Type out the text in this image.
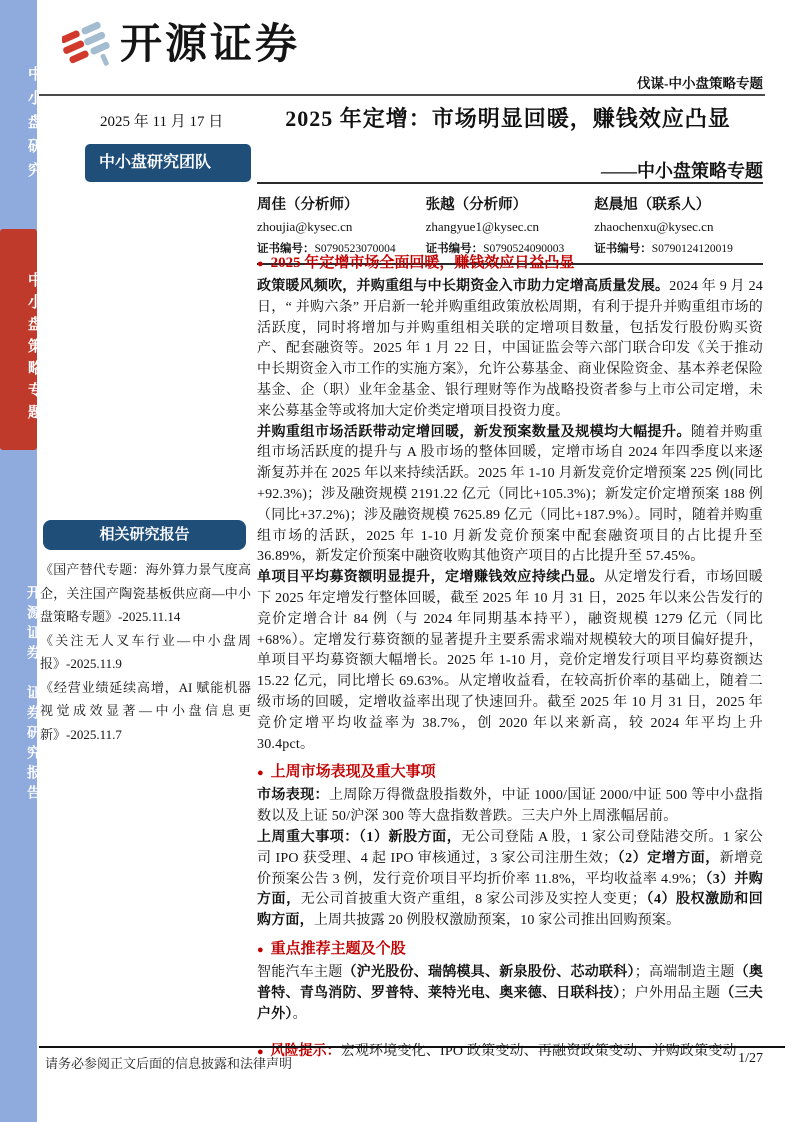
中小盘研究
中小盘策略专题
开源证券　证券研究报告
开源证券
伐谋-中小盘策略专题
2025 年 11 月 17 日	2025 年定增：市场明显回暖，赚钱效应凸显
中小盘研究团队	——中小盘策略专题
周佳（分析师）
zhoujia@kysec.cn
证书编号：S0790523070004
张越（分析师）
zhangyue1@kysec.cn
证书编号：S0790524090003
赵晨旭（联系人）
zhaochenxu@kysec.cn
证书编号：S0790124120019
相关研究报告
《国产替代专题：海外算力景气度高企，关注国产陶瓷基板供应商—中小盘策略专题》-2025.11.14
《关注无人叉车行业—中小盘周报》-2025.11.9
《经营业绩延续高增，AI 赋能机器视觉成效显著—中小盘信息更新》-2025.11.7
● 2025 年定增市场全面回暖，赚钱效应日益凸显
政策暖风频吹，并购重组与中长期资金入市助力定增高质量发展。2024 年 9 月 24 日，“ 并购六条” 开启新一轮并购重组政策放松周期，有利于提升并购重组市场的活跃度，同时将增加与并购重组相关联的定增项目数量，包括发行股份购买资产、配套融资等。2025 年 1 月 22 日，中国证监会等六部门联合印发《关于推动中长期资金入市工作的实施方案》，允许公募基金、商业保险资金、基本养老保险基金、企（职）业年金基金、银行理财等作为战略投资者参与上市公司定增，未来公募基金等或将加大定价类定增项目投资力度。
并购重组市场活跃带动定增回暖，新发预案数量及规模均大幅提升。随着并购重组市场活跃度的提升与 A 股市场的整体回暖，定增市场自 2024 年四季度以来逐渐复苏并在 2025 年以来持续活跃。2025 年 1-10 月新发竞价定增预案 225 例(同比+92.3%)；涉及融资规模 2191.22 亿元（同比+105.3%)；新发定价定增预案 188 例（同比+37.2%)；涉及融资规模 7625.89 亿元（同比+187.9%）。同时，随着并购重组市场的活跃，2025 年 1-10 月新发竞价预案中配套融资项目的占比提升至 36.89%，新发定价预案中融资收购其他资产项目的占比提升至 57.45%。
单项目平均募资额明显提升，定增赚钱效应持续凸显。从定增发行看，市场回暖下 2025 年定增发行整体回暖，截至 2025 年 10 月 31 日，2025 年以来公告发行的竞价定增合计 84 例（与 2024 年同期基本持平），融资规模 1279 亿元（同比+68%）。定增发行募资额的显著提升主要系需求端对规模较大的项目偏好提升，单项目平均募资额大幅增长。2025 年 1-10 月，竞价定增发行项目平均募资额达 15.22 亿元，同比增长 69.63%。从定增收益看，在较高折价率的基础上，随着二级市场的回暖，定增收益率出现了快速回升。截至 2025 年 10 月 31 日，2025 年竞价定增平均收益率为 38.7%，创 2020 年以来新高，较 2024 年平均上升 30.4pct。
● 上周市场表现及重大事项
市场表现：上周除万得微盘股指数外，中证 1000/国证 2000/中证 500 等中小盘指数以及上证 50/沪深 300 等大盘指数普跌。三夫户外上周涨幅居前。
上周重大事项：（1）新股方面，无公司登陆 A 股，1 家公司登陆港交所。1 家公司 IPO 获受理、4 起 IPO 审核通过，3 家公司注册生效；（2）定增方面，新增竞价预案公告 3 例，发行竞价项目平均折价率 11.8%，平均收益率 4.9%；（3）并购方面，无公司首披重大资产重组，8 家公司涉及实控人变更；（4）股权激励和回购方面，上周共披露 20 例股权激励预案，10 家公司推出回购预案。
● 重点推荐主题及个股
智能汽车主题（沪光股份、瑞鹄模具、新泉股份、芯动联科）；高端制造主题（奥普特、青鸟消防、罗普特、莱特光电、奥来德、日联科技）；户外用品主题（三夫户外）。
● 风险提示：宏观环境变化、IPO 政策变动、再融资政策变动、并购政策变动
请务必参阅正文后面的信息披露和法律声明	1/27
